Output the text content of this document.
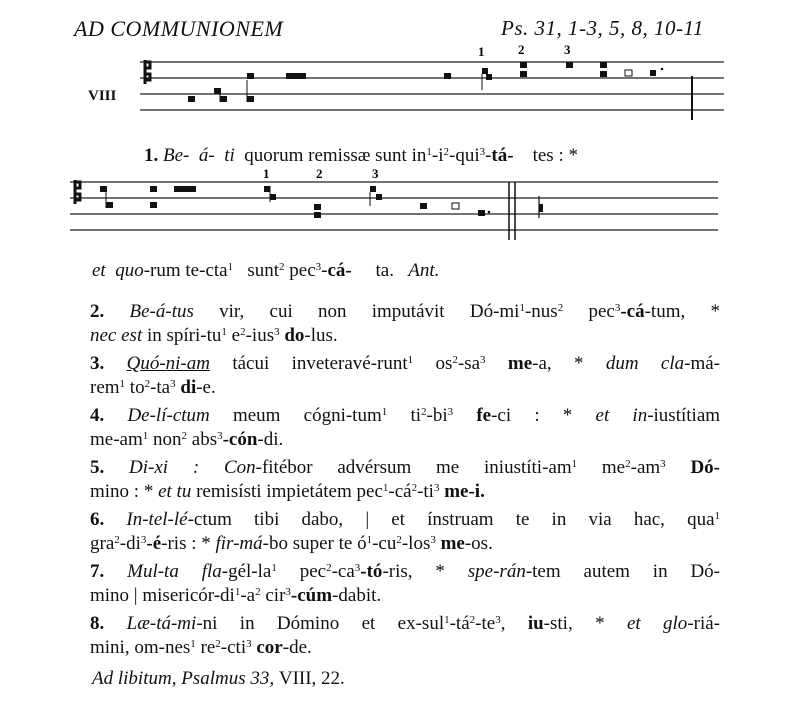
AD COMMUNIONEM	Ps. 31, 1-3, 5, 8, 10-11
1	2	3
VIII
1. Be- á- ti quorum remissæ sunt $in^1-i^2-qui^3-tá-$ tes : *
1	2	3
et quo-rum te-cta$^1$ sunt$^2$ pec$^3$-cá- ta. Ant.
2. Be-á-tus vir, cui non imputávit $Dó-mi^1-nus^2$ pec$^3$-cá-tum, *
nec est in spíri-$tu^1$ $e^2-ius^3$ do-lus.
3. Quó-ni-am tácui inveteravé-runt$^1$ $os^2-sa^3$ me-a, * dum cla-má-
rem$^1$ $to^2-ta^3$ di-e.
4. De-lí-ctum meum cógni-tum$^1$ $ti^2-bi^3$ fe-ci : * et in-iustítiam
$me-am^1$ non$^2$ abs$^3$-cón-di.
5. Di-xi : Con-fitébor advérsum me iniustíti-$am^1$ $me^2-am^3$ Dó-
mino : * et tu remisísti impietátem $pec^1-cá^2-ti^3$ me-i.
6. In-tel-lé-ctum tibi dabo, | et ínstruam te in via hac, qua$^1$
$gra^2-di^3-é$-ris : * fir-má-bo super te $ó^1-cu^2-los^3$ me-os.
7. Mul-ta fla-$gél-la^1$ $pec^2-ca^3-tó$-ris, * spe-rán-tem autem in Dó-
mino | misericór-$di^1-a^2$ cir$^3$-cúm-dabit.
8. Læ-tá-mi-ni in Dómino et $ex-sul^1-tá^2-te^3$, iu-sti, * et glo-riá-
mini, om-nes$^1$ $re^2-cti^3$ cor-de.
Ad libitum, Psalmus 33, VIII, 22.
